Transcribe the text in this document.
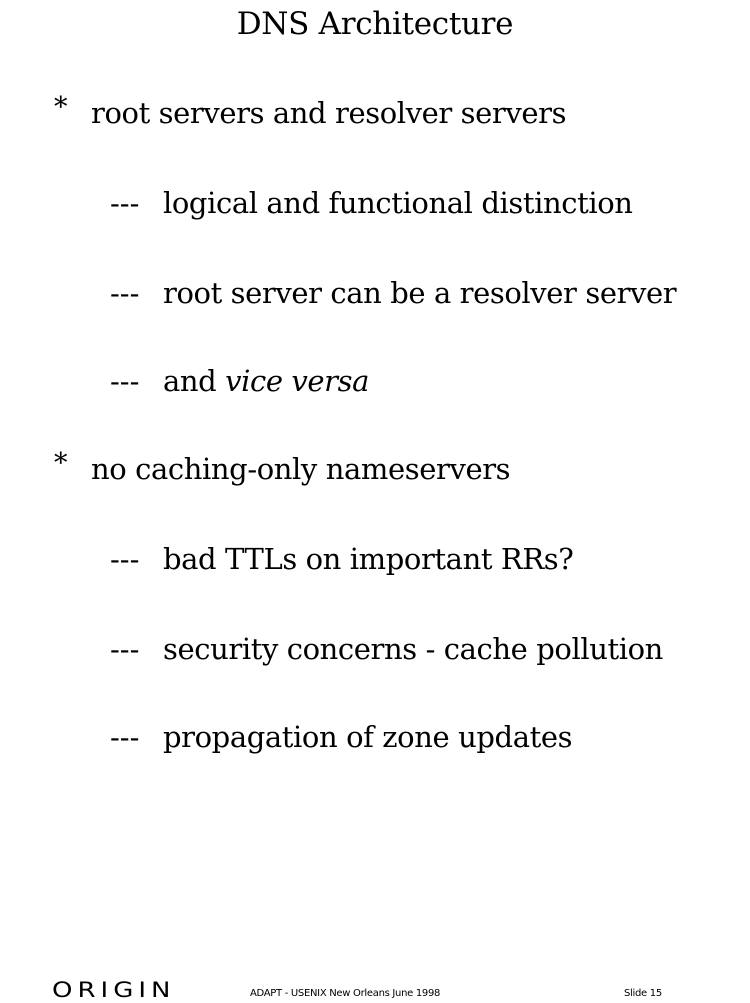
DNS Architecture
* root servers and resolver servers
--- logical and functional distinction
--- root server can be a resolver server
--- and vice versa
* no caching-only nameservers
--- bad TTLs on important RRs?
--- security concerns - cache pollution
--- propagation of zone updates
ORIGIN	ADAPT - USENIX New Orleans June 1998	Slide 15
